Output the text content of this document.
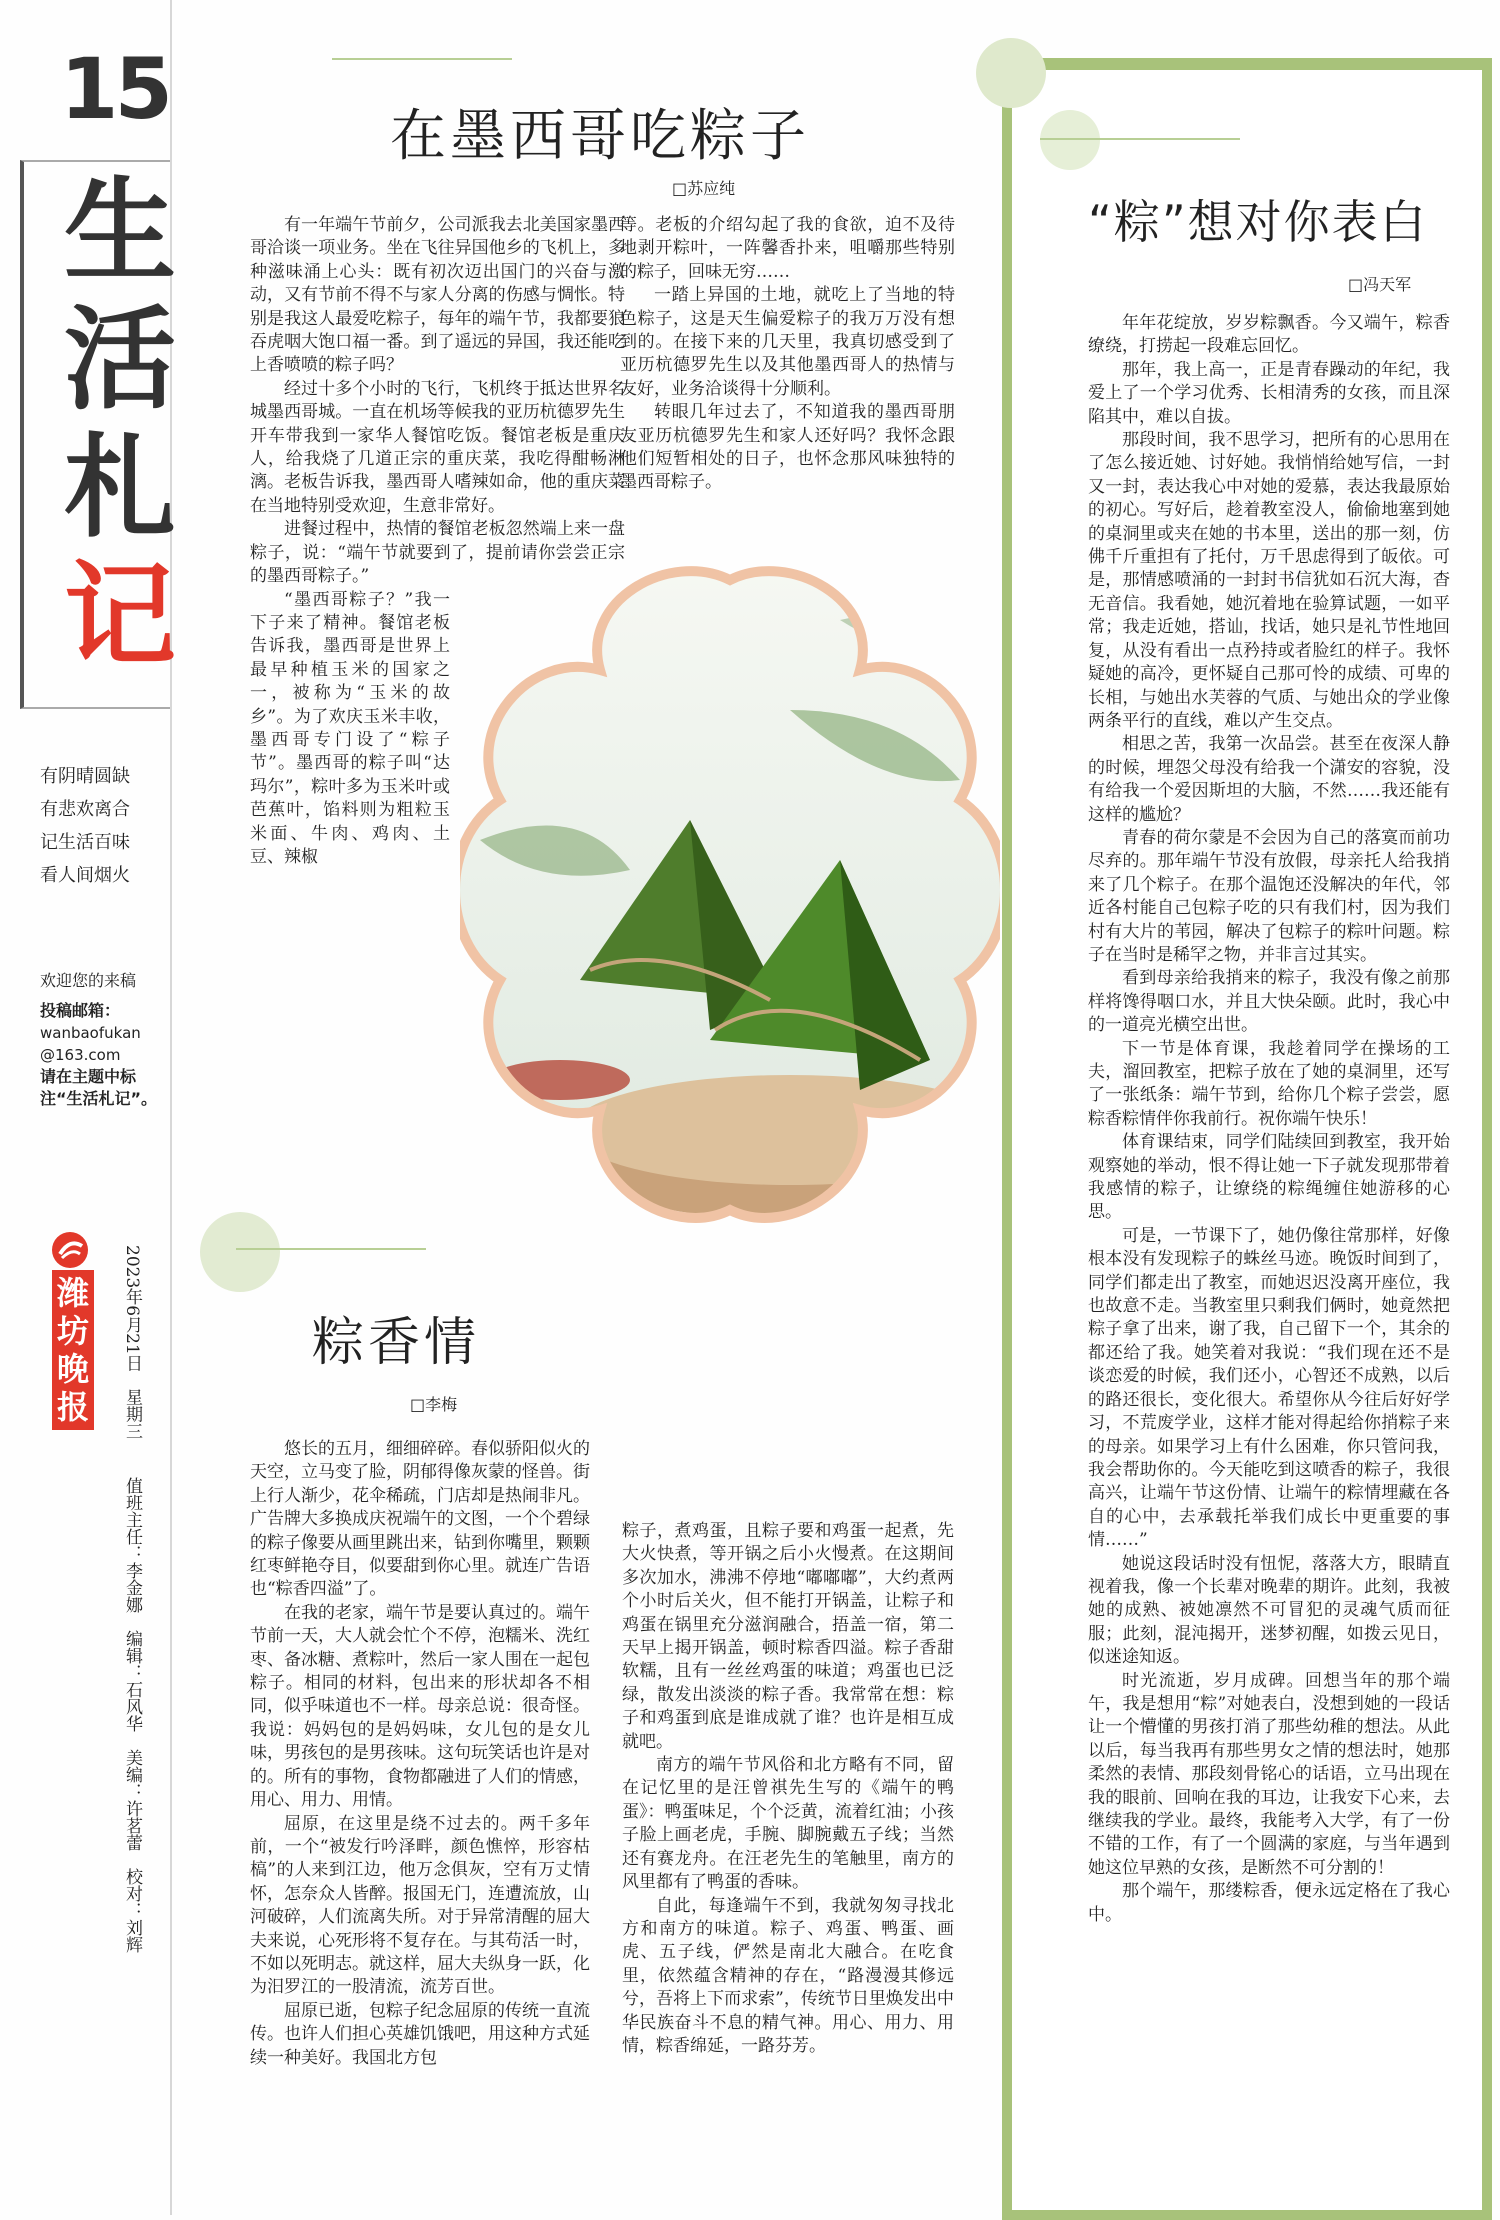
15
生
活
札
记
有阴晴圆缺
有悲欢离合
记生活百味
看人间烟火
欢迎您的来稿
投稿邮箱：
wanbaofukan
@163.com
请在主题中标注“生活札记”。
潍坊晚报	2023年6月21日　星期三 值班主任：李金娜　编辑：石风华　美编：许茗蕾　校对：刘辉
在墨西哥吃粽子
□苏应纯

有一年端午节前夕，公司派我去北美国家墨西哥洽谈一项业务。坐在飞往异国他乡的飞机上，多种滋味涌上心头：既有初次迈出国门的兴奋与激动，又有节前不得不与家人分离的伤感与惆怅。特别是我这人最爱吃粽子，每年的端午节，我都要狼吞虎咽大饱口福一番。到了遥远的异国，我还能吃上香喷喷的粽子吗？

经过十多个小时的飞行，飞机终于抵达世界名城墨西哥城。一直在机场等候我的亚历杭德罗先生开车带我到一家华人餐馆吃饭。餐馆老板是重庆人，给我烧了几道正宗的重庆菜，我吃得酣畅淋漓。老板告诉我，墨西哥人嗜辣如命，他的重庆菜在当地特别受欢迎，生意非常好。

进餐过程中，热情的餐馆老板忽然端上来一盘粽子，说：“端午节就要到了，提前请你尝尝正宗的墨西哥粽子。”

“墨西哥粽子？”我一下子来了精神。餐馆老板告诉我，墨西哥是世界上最早种植玉米的国家之一，被称为“玉米的故乡”。为了欢庆玉米丰收，墨西哥专门设了“粽子节”。墨西哥的粽子叫“达玛尔”，粽叶多为玉米叶或芭蕉叶，馅料则为粗粒玉米面、牛肉、鸡肉、土豆、辣椒

等。老板的介绍勾起了我的食欲，迫不及待地剥开粽叶，一阵馨香扑来，咀嚼那些特别的粽子，回味无穷……

一踏上异国的土地，就吃上了当地的特色粽子，这是天生偏爱粽子的我万万没有想到的。在接下来的几天里，我真切感受到了亚历杭德罗先生以及其他墨西哥人的热情与友好，业务洽谈得十分顺利。

转眼几年过去了，不知道我的墨西哥朋友亚历杭德罗先生和家人还好吗？我怀念跟他们短暂相处的日子，也怀念那风味独特的墨西哥粽子。

粽香情
□李梅

悠长的五月，细细碎碎。春似骄阳似火的天空，立马变了脸，阴郁得像灰蒙的怪兽。街上行人渐少，花伞稀疏，门店却是热闹非凡。广告牌大多换成庆祝端午的文图，一个个碧绿的粽子像要从画里跳出来，钻到你嘴里，颗颗红枣鲜艳夺目，似要甜到你心里。就连广告语也“粽香四溢”了。

在我的老家，端午节是要认真过的。端午节前一天，大人就会忙个不停，泡糯米、洗红枣、备冰糖、煮粽叶，然后一家人围在一起包粽子。相同的材料，包出来的形状却各不相同，似乎味道也不一样。母亲总说：很奇怪。我说：妈妈包的是妈妈味，女儿包的是女儿味，男孩包的是男孩味。这句玩笑话也许是对的。所有的事物，食物都融进了人们的情感，用心、用力、用情。

屈原，在这里是绕不过去的。两千多年前，一个“被发行吟泽畔，颜色憔悴，形容枯槁”的人来到江边，他万念俱灰，空有万丈情怀，怎奈众人皆醉。报国无门，连遭流放，山河破碎，人们流离失所。对于异常清醒的屈大夫来说，心死形将不复存在。与其苟活一时，不如以死明志。就这样，屈大夫纵身一跃，化为汨罗江的一股清流，流芳百世。

屈原已逝，包粽子纪念屈原的传统一直流传。也许人们担心英雄饥饿吧，用这种方式延续一种美好。我国北方包

粽子，煮鸡蛋，且粽子要和鸡蛋一起煮，先大火快煮，等开锅之后小火慢煮。在这期间多次加水，沸沸不停地“嘟嘟嘟”，大约煮两个小时后关火，但不能打开锅盖，让粽子和鸡蛋在锅里充分滋润融合，捂盖一宿，第二天早上揭开锅盖，顿时粽香四溢。粽子香甜软糯，且有一丝丝鸡蛋的味道；鸡蛋也已泛绿，散发出淡淡的粽子香。我常常在想：粽子和鸡蛋到底是谁成就了谁？也许是相互成就吧。

南方的端午节风俗和北方略有不同，留在记忆里的是汪曾祺先生写的《端午的鸭蛋》：鸭蛋味足，个个泛黄，流着红油；小孩子脸上画老虎，手腕、脚腕戴五子线；当然还有赛龙舟。在汪老先生的笔触里，南方的风里都有了鸭蛋的香味。

自此，每逢端午不到，我就匆匆寻找北方和南方的味道。粽子、鸡蛋、鸭蛋、画虎、五子线，俨然是南北大融合。在吃食里，依然蕴含精神的存在，“路漫漫其修远兮，吾将上下而求索”，传统节日里焕发出中华民族奋斗不息的精气神。用心、用力、用情，粽香绵延，一路芬芳。

“粽”想对你表白
□冯天军

年年花绽放，岁岁粽飘香。今又端午，粽香缭绕，打捞起一段难忘回忆。

那年，我上高一，正是青春躁动的年纪，我爱上了一个学习优秀、长相清秀的女孩，而且深陷其中，难以自拔。

那段时间，我不思学习，把所有的心思用在了怎么接近她、讨好她。我悄悄给她写信，一封又一封，表达我心中对她的爱慕，表达我最原始的初心。写好后，趁着教室没人，偷偷地塞到她的桌洞里或夹在她的书本里，送出的那一刻，仿佛千斤重担有了托付，万千思虑得到了皈依。可是，那情感喷涌的一封封书信犹如石沉大海，杳无音信。我看她，她沉着地在验算试题，一如平常；我走近她，搭讪，找话，她只是礼节性地回复，从没有看出一点矜持或者脸红的样子。我怀疑她的高冷，更怀疑自己那可怜的成绩、可卑的长相，与她出水芙蓉的气质、与她出众的学业像两条平行的直线，难以产生交点。

相思之苦，我第一次品尝。甚至在夜深人静的时候，埋怨父母没有给我一个潇安的容貌，没有给我一个爱因斯坦的大脑，不然……我还能有这样的尴尬？

青春的荷尔蒙是不会因为自己的落寞而前功尽弃的。那年端午节没有放假，母亲托人给我捎来了几个粽子。在那个温饱还没解决的年代，邻近各村能自己包粽子吃的只有我们村，因为我们村有大片的苇园，解决了包粽子的粽叶问题。粽子在当时是稀罕之物，并非言过其实。

看到母亲给我捎来的粽子，我没有像之前那样将馋得咽口水，并且大快朵颐。此时，我心中的一道亮光横空出世。

下一节是体育课，我趁着同学在操场的工夫，溜回教室，把粽子放在了她的桌洞里，还写了一张纸条：端午节到，给你几个粽子尝尝，愿粽香粽情伴你我前行。祝你端午快乐！

体育课结束，同学们陆续回到教室，我开始观察她的举动，恨不得让她一下子就发现那带着我感情的粽子，让缭绕的粽绳缠住她游移的心思。

可是，一节课下了，她仍像往常那样，好像根本没有发现粽子的蛛丝马迹。晚饭时间到了，同学们都走出了教室，而她迟迟没离开座位，我也故意不走。当教室里只剩我们俩时，她竟然把粽子拿了出来，谢了我，自己留下一个，其余的都还给了我。她笑着对我说：“我们现在还不是谈恋爱的时候，我们还小，心智还不成熟，以后的路还很长，变化很大。希望你从今往后好好学习，不荒废学业，这样才能对得起给你捎粽子来的母亲。如果学习上有什么困难，你只管问我，我会帮助你的。今天能吃到这喷香的粽子，我很高兴，让端午节这份情、让端午的粽情埋藏在各自的心中，去承载托举我们成长中更重要的事情……”

她说这段话时没有忸怩，落落大方，眼睛直视着我，像一个长辈对晚辈的期许。此刻，我被她的成熟、被她凛然不可冒犯的灵魂气质而征服；此刻，混沌揭开，迷梦初醒，如拨云见日，似迷途知返。

时光流逝，岁月成碑。回想当年的那个端午，我是想用“粽”对她表白，没想到她的一段话让一个懵懂的男孩打消了那些幼稚的想法。从此以后，每当我再有那些男女之情的想法时，她那柔然的表情、那段刻骨铭心的话语，立马出现在我的眼前、回响在我的耳边，让我安下心来，去继续我的学业。最终，我能考入大学，有了一份不错的工作，有了一个圆满的家庭，与当年遇到她这位早熟的女孩，是断然不可分割的！

那个端午，那缕粽香，便永远定格在了我心中。
